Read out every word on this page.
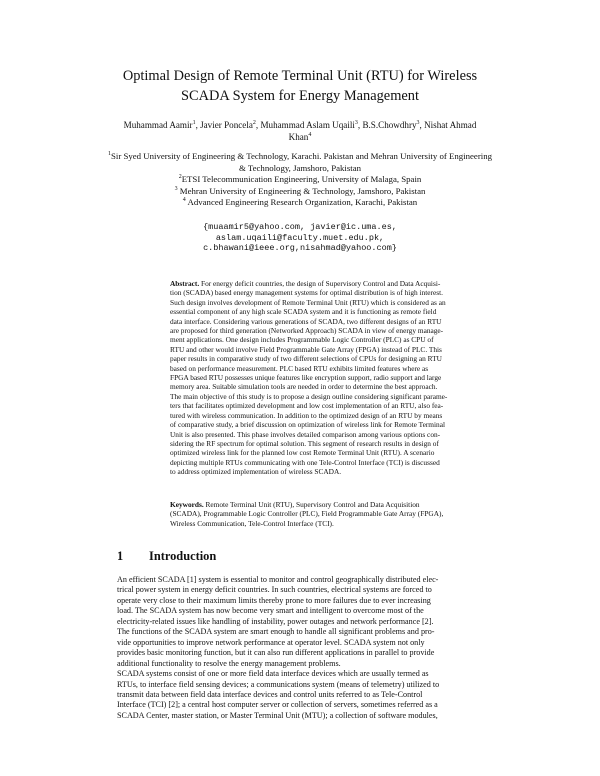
Optimal Design of Remote Terminal Unit (RTU) for Wireless
SCADA System for Energy Management
Muhammad Aamir$^1$, Javier Poncela$^2$, Muhammad Aslam Uqaili$^3$, B.S.Chowdhry$^3$, Nishat Ahmad
Khan$^4$
$^1$Sir Syed University of Engineering & Technology, Karachi. Pakistan and Mehran University of Engineering
& Technology, Jamshoro, Pakistan
$^2$ETSI Telecommunication Engineering, University of Malaga, Spain
$^3$ Mehran University of Engineering & Technology, Jamshoro, Pakistan
$^4$ Advanced Engineering Research Organization, Karachi, Pakistan
{muaamir5@yahoo.com, javier@ic.uma.es,
aslam.uqaili@faculty.muet.edu.pk,
c.bhawani@ieee.org,nisahmad@yahoo.com}
Abstract. For energy deficit countries, the design of Supervisory Control and Data Acquisi-
tion (SCADA) based energy management systems for optimal distribution is of high interest.
Such design involves development of Remote Terminal Unit (RTU) which is considered as an
essential component of any high scale SCADA system and it is functioning as remote field
data interface. Considering various generations of SCADA, two different designs of an RTU
are proposed for third generation (Networked Approach) SCADA in view of energy manage-
ment applications. One design includes Programmable Logic Controller (PLC) as CPU of
RTU and other would involve Field Programmable Gate Array (FPGA) instead of PLC. This
paper results in comparative study of two different selections of CPUs for designing an RTU
based on performance measurement. PLC based RTU exhibits limited features where as
FPGA based RTU possesses unique features like encryption support, radio support and large
memory area. Suitable simulation tools are needed in order to determine the best approach.
The main objective of this study is to propose a design outline considering significant parame-
ters that facilitates optimized development and low cost implementation of an RTU, also fea-
tured with wireless communication. In addition to the optimized design of an RTU by means
of comparative study, a brief discussion on optimization of wireless link for Remote Terminal
Unit is also presented. This phase involves detailed comparison among various options con-
sidering the RF spectrum for optimal solution. This segment of research results in design of
optimized wireless link for the planned low cost Remote Terminal Unit (RTU). A scenario
depicting multiple RTUs communicating with one Tele-Control Interface (TCI) is discussed
to address optimized implementation of wireless SCADA.
Keywords. Remote Terminal Unit (RTU), Supervisory Control and Data Acquisition
(SCADA), Programmable Logic Controller (PLC), Field Programmable Gate Array (FPGA),
Wireless Communication, Tele-Control Interface (TCI).
1 Introduction
An efficient SCADA [1] system is essential to monitor and control geographically distributed elec-
trical power system in energy deficit countries. In such countries, electrical systems are forced to
operate very close to their maximum limits thereby prone to more failures due to ever increasing
load. The SCADA system has now become very smart and intelligent to overcome most of the
electricity-related issues like handling of instability, power outages and network performance [2].
The functions of the SCADA system are smart enough to handle all significant problems and pro-
vide opportunities to improve network performance at operator level. SCADA system not only
provides basic monitoring function, but it can also run different applications in parallel to provide
additional functionality to resolve the energy management problems.
SCADA systems consist of one or more field data interface devices which are usually termed as
RTUs, to interface field sensing devices; a communications system (means of telemetry) utilized to
transmit data between field data interface devices and control units referred to as Tele-Control
Interface (TCI) [2]; a central host computer server or collection of servers, sometimes referred as a
SCADA Center, master station, or Master Terminal Unit (MTU); a collection of software modules,
